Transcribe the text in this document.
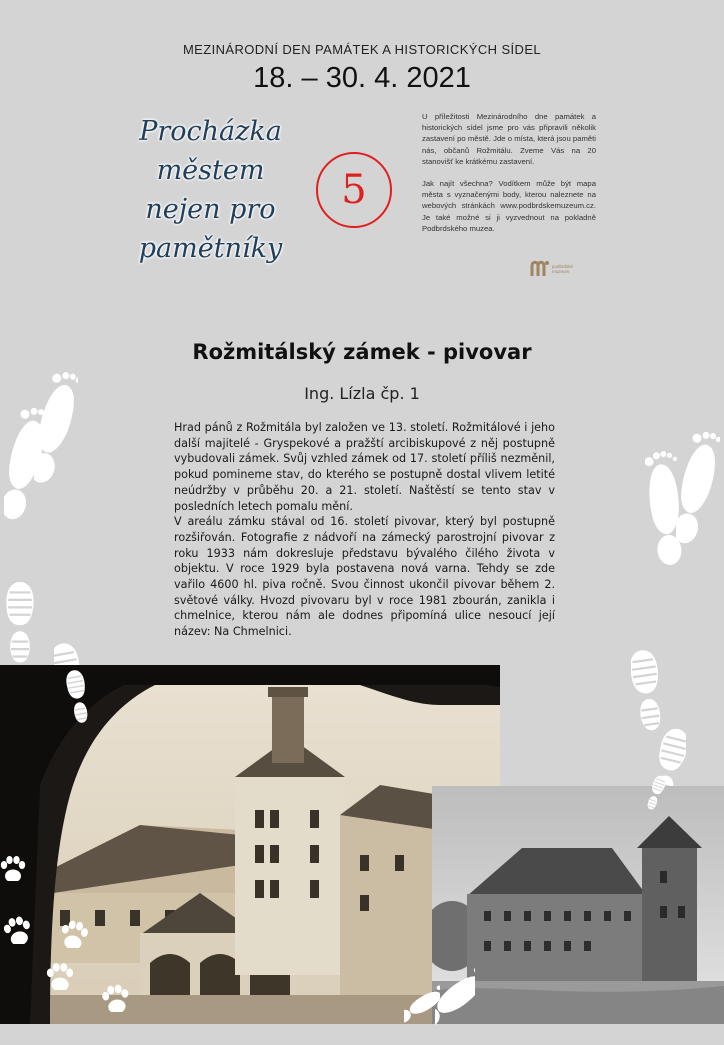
MEZINÁRODNÍ DEN PAMÁTEK A HISTORICKÝCH SÍDEL
18. – 30. 4. 2021
Procházka
městem
nejen pro
pamětníky
5

U příležitosti Mezinárodního dne památek a historických sídel jsme pro vás připravili několik zastavení po městě. Jde o místa, která jsou paměti nás, občanů Rožmitálu. Zveme Vás na 20 stanovišť ke krátkému zastavení.

Jak najít všechna? Vodítkem může být mapa města s vyznačenými body, kterou naleznete na webových stránkách www.podbrdskemuzeum.cz. Je také možné si ji vyzvednout na pokladně Podbrdského muzea.

podbrdské
muzeum
Rožmitálský zámek - pivovar
Ing. Lízla čp. 1

Hrad pánů z Rožmitála byl založen ve 13. století. Rožmitálové i jeho další majitelé - Gryspekové a pražští arcibiskupové z něj postupně vybudovali zámek. Svůj vzhled zámek od 17. století příliš nezměnil, pokud pomineme stav, do kterého se postupně dostal vlivem letité neúdržby v průběhu 20. a 21. století. Naštěstí se tento stav v posledních letech pomalu mění.

V areálu zámku stával od 16. století pivovar, který byl postupně rozšiřován. Fotografie z nádvoří na zámecký parostrojní pivovar z roku 1933 nám dokresluje představu bývalého čilého života v objektu. V roce 1929 byla postavena nová varna. Tehdy se zde vařilo 4600 hl. piva ročně. Svou činnost ukončil pivovar během 2. světové války. Hvozd pivovaru byl v roce 1981 zbourán, zanikla i chmelnice, kterou nám ale dodnes připomíná ulice nesoucí její název: Na Chmelnici.
